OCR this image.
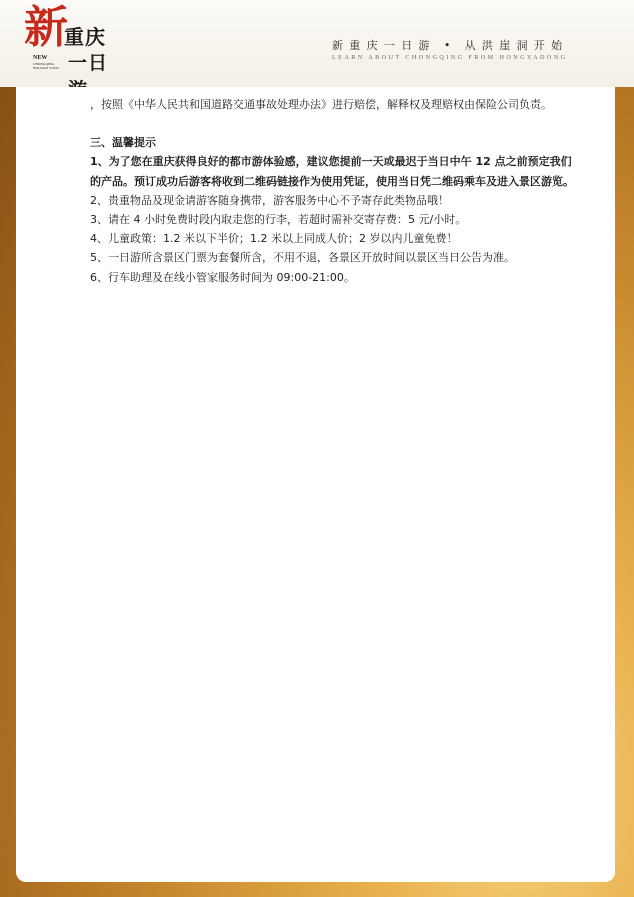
新
重庆
一日
NEW
CHONGQING HOLIDAY TOUR
新重庆一日游 • 从洪崖洞开始
LEARN ABOUT CHONGQING FROM HONGYADONG
，按照《中华人民共和国道路交通事故处理办法》进行赔偿，解释权及理赔权由保险公司负责。
三、温馨提示
1、为了您在重庆获得良好的都市游体验感，建议您提前一天或最迟于当日中午 12 点之前预定我们
的产品。预订成功后游客将收到二维码链接作为使用凭证，使用当日凭二维码乘车及进入景区游览。
2、贵重物品及现金请游客随身携带，游客服务中心不予寄存此类物品哦！
3、请在 4 小时免费时段内取走您的行李，若超时需补交寄存费：5 元/小时。
4、儿童政策：1.2 米以下半价；1.2 米以上同成人价；2 岁以内儿童免费！
5、一日游所含景区门票为套餐所含，不用不退，各景区开放时间以景区当日公告为准。
6、行车助理及在线小管家服务时间为 09:00-21:00。
